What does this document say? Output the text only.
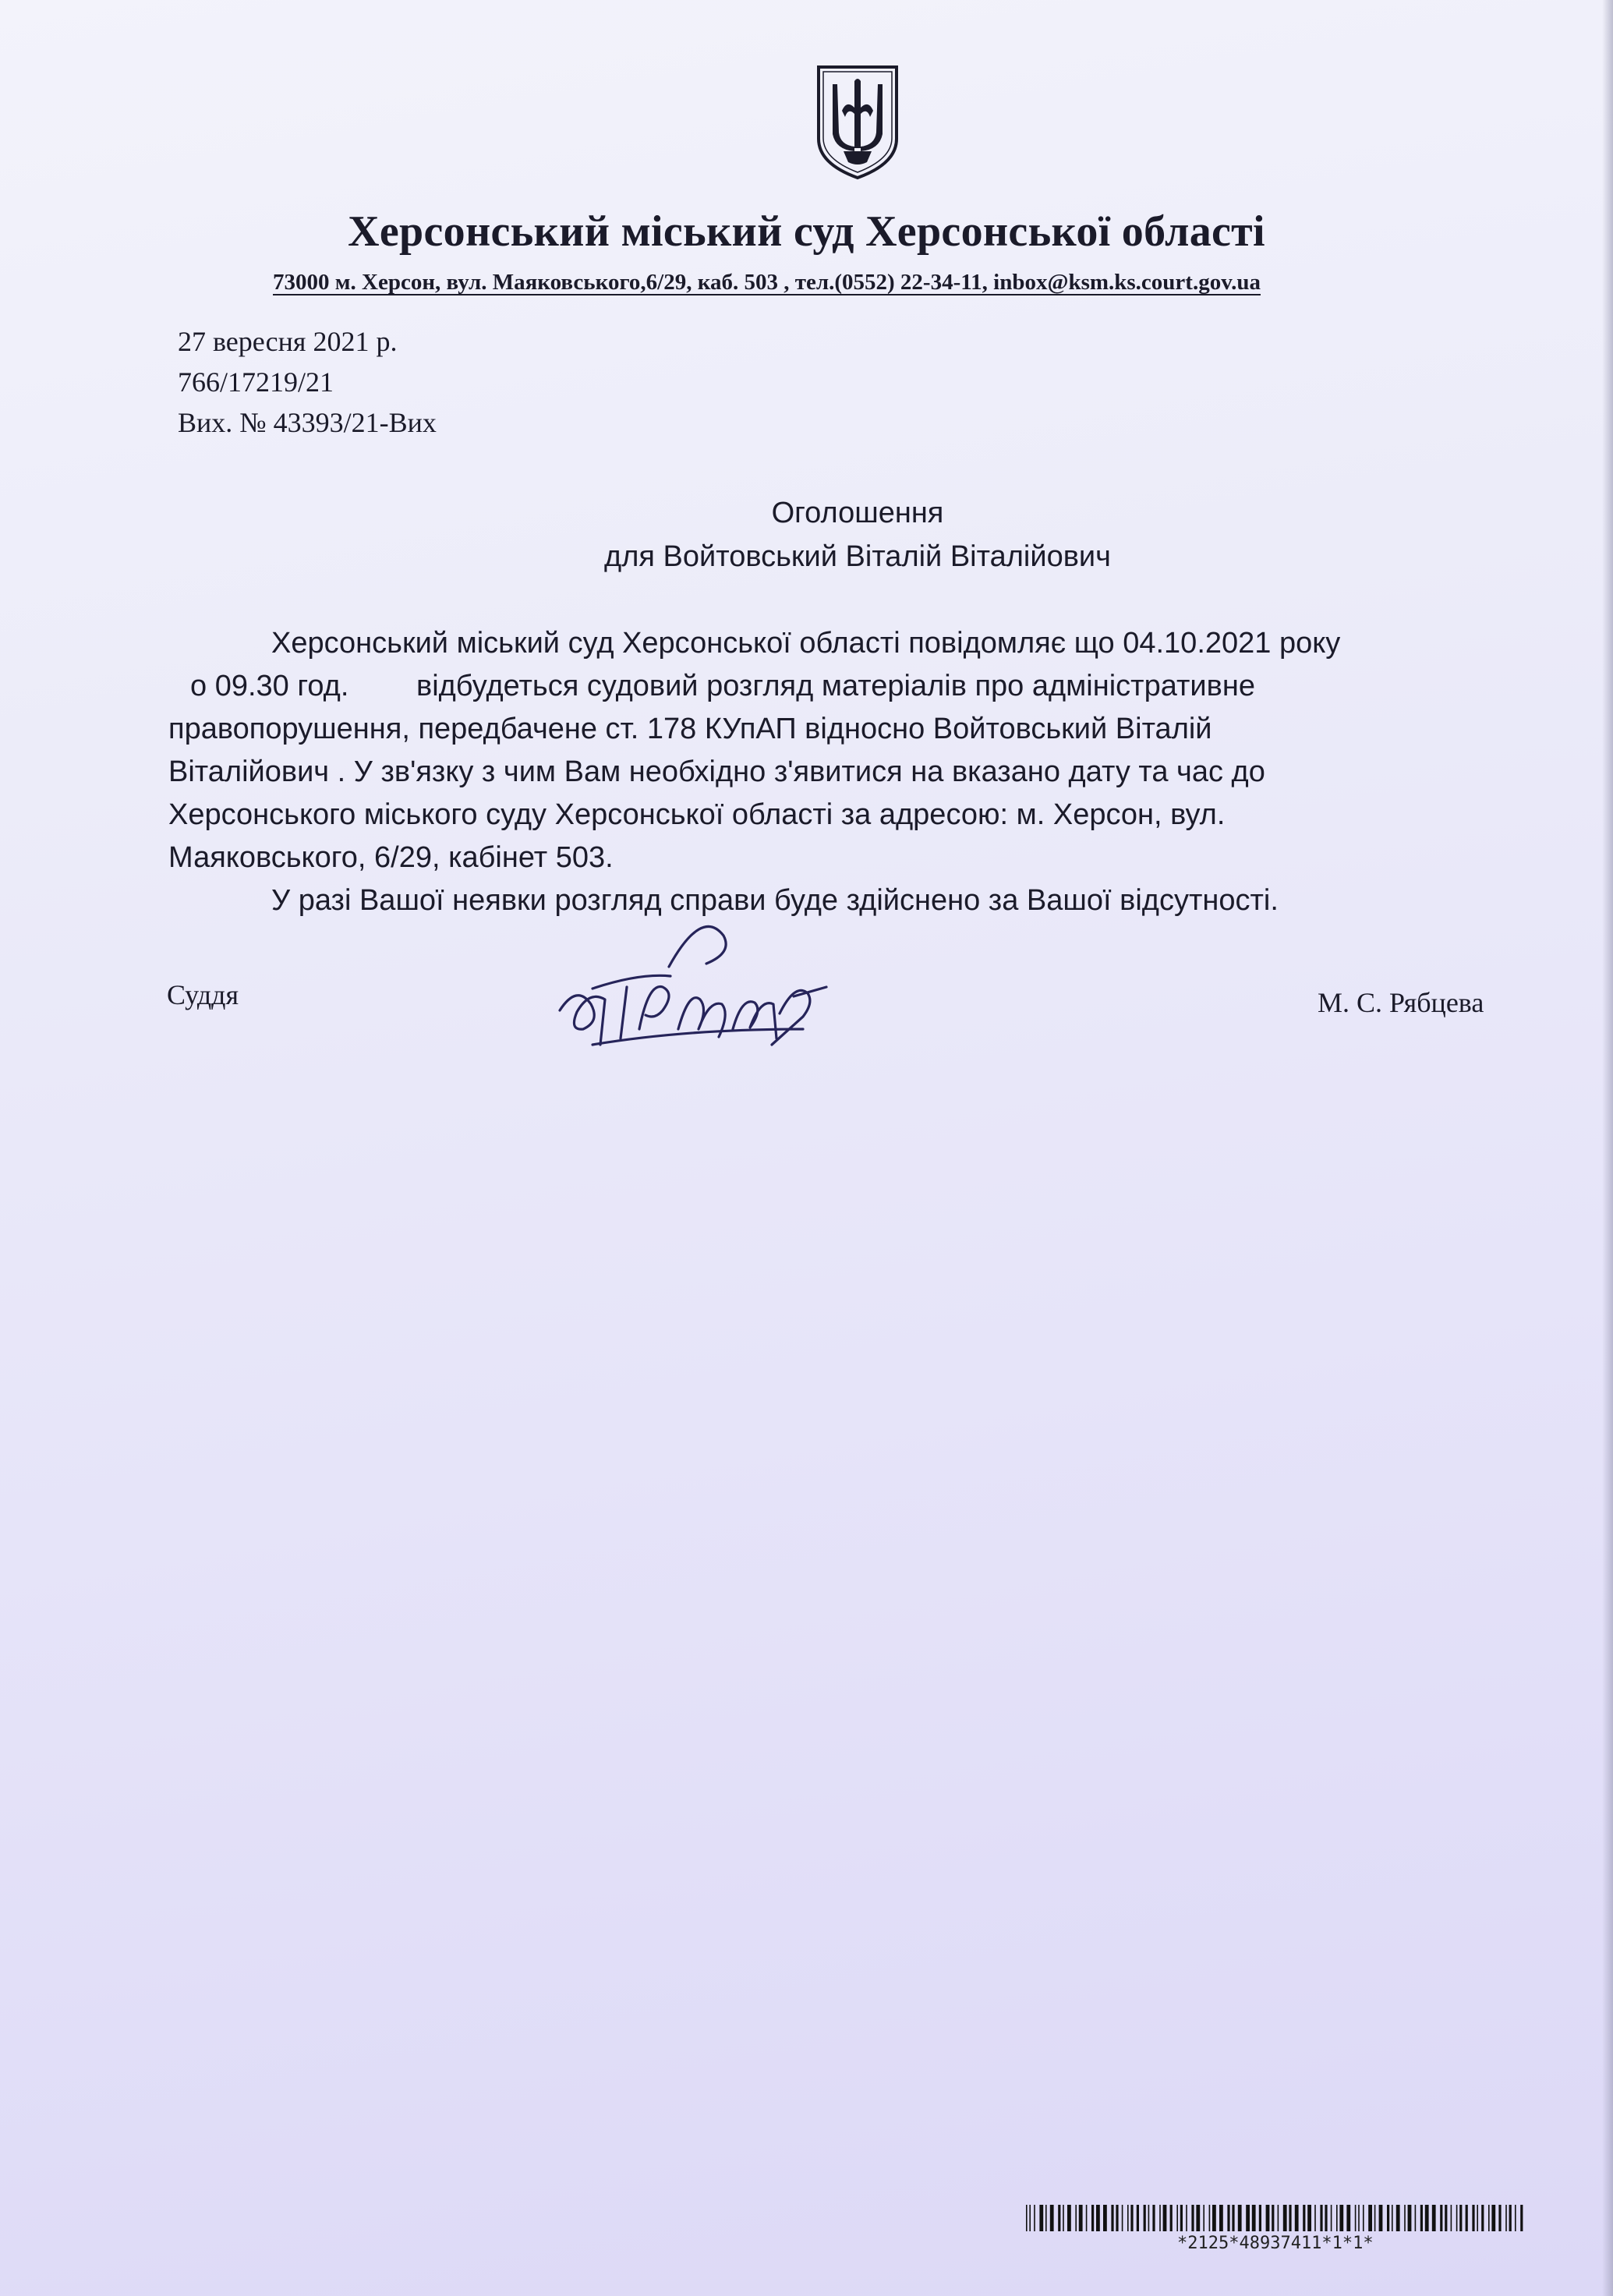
Херсонський міський суд Херсонської області
73000 м. Херсон, вул. Маяковського,6/29, каб. 503 , тел.(0552) 22-34-11, inbox@ksm.ks.court.gov.ua
27 вересня 2021 р.
766/17219/21
Вих. № 43393/21-Вих
Оголошення
для Войтовський Віталій Віталійович
Херсонський міський суд Херсонської області повідомляє що 04.10.2021 року
о 09.30 год. відбудеться судовий розгляд матеріалів про адміністративне
правопорушення, передбачене ст. 178 КУпАП відносно Войтовський Віталій
Віталійович . У зв'язку з чим Вам необхідно з'явитися на вказано дату та час до
Херсонського міського суду Херсонської області за адресою: м. Херсон, вул.
Маяковського, 6/29, кабінет 503.
У разі Вашої неявки розгляд справи буде здійснено за Вашої відсутності.
Суддя	М. С. Рябцева
*2125*48937411*1*1*
